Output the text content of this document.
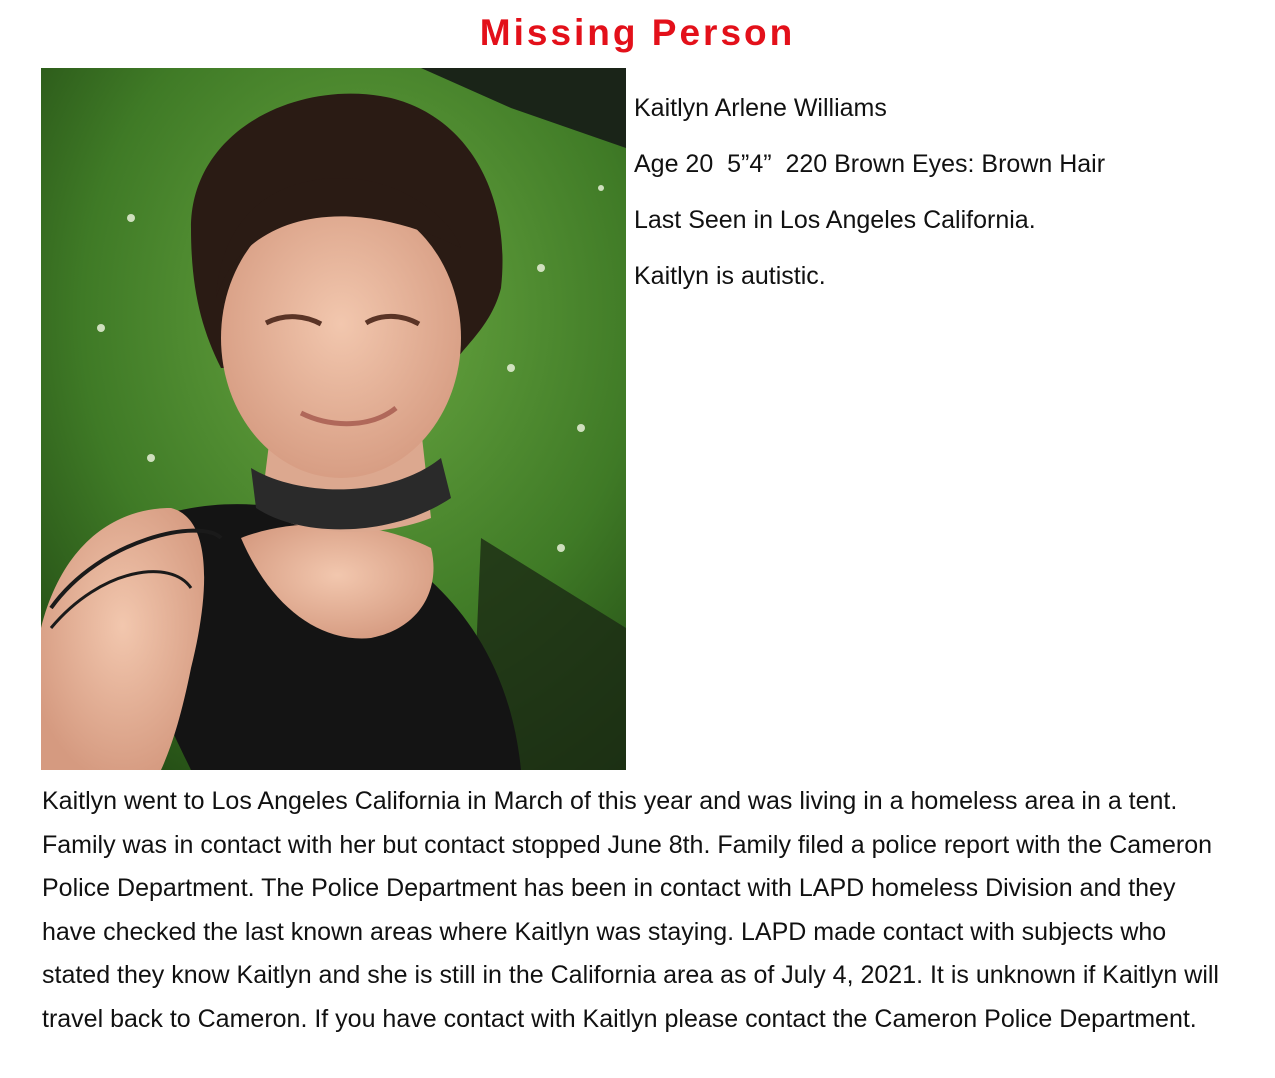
Missing Person
Kaitlyn Arlene Williams
Age 20  5”4”  220 Brown Eyes: Brown Hair
Last Seen in Los Angeles California.
Kaitlyn is autistic.
Kaitlyn went to Los Angeles California in March of this year and was living in a homeless area in a tent. Family was in contact with her but contact stopped June 8th. Family filed a police report with the Cameron Police Department. The Police Department has been in contact with LAPD homeless Division and they have checked the last known areas where Kaitlyn was staying. LAPD made contact with subjects who stated they know Kaitlyn and she is still in the California area as of July 4, 2021. It is unknown if Kaitlyn will travel back to Cameron. If you have contact with Kaitlyn please contact the Cameron Police Department.
